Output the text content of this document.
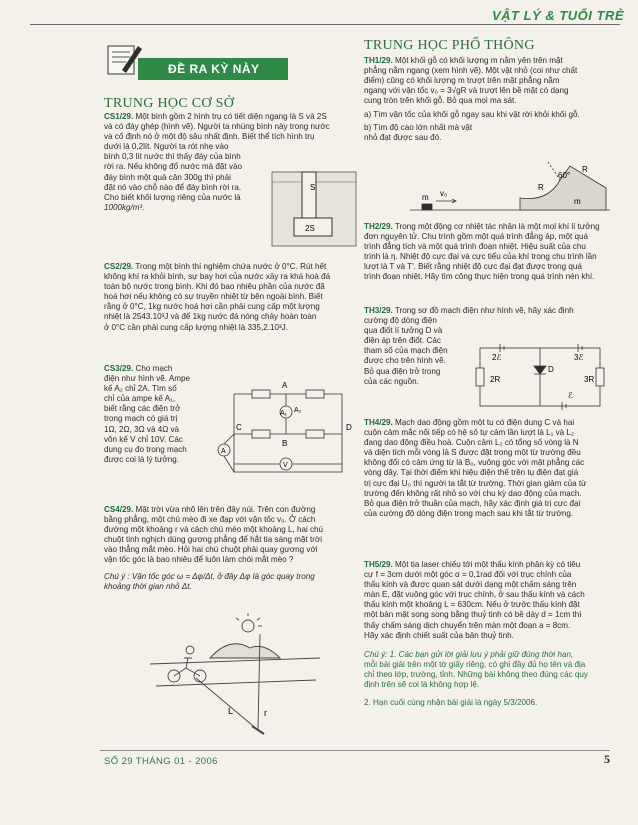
VẬT LÝ & TUỔI TRẺ
ĐỀ RA KỲ NÀY
TRUNG HỌC CƠ SỞ
CS1/29. Một bình gồm 2 hình trụ có tiết diện ngang là S và 2S
và có đáy ghép (hình vẽ). Người ta nhúng bình này trong nước
và cố định nó ở một độ sâu nhất định. Biết thể tích hình trụ
dưới là 0,2lít. Người ta rót nhẹ vào
bình 0,3 lít nước thì thấy đáy của bình
rời ra. Nếu không đổ nước mà đặt vào
đáy bình một quả cân 300g thì phải
đặt nó vào chỗ nào để đáy bình rời ra.
Cho biết khối lượng riêng của nước là
1000kg/m³.
S
2S
CS2/29. Trong một bình thí nghiệm chứa nước ở 0°C. Rút hết
không khí ra khỏi bình, sự bay hơi của nước xảy ra khá hoà đá
toàn bộ nước trong bình. Khi đó bao nhiêu phần của nước đã
hoá hơi nếu không có sự truyền nhiệt từ bên ngoài bình. Biết
rằng ở 0°C, 1kg nước hoá hơi cần phải cung cấp một lượng
nhiệt là 2543.10³J và để 1kg nước đá nóng chảy hoàn toàn
ở 0°C cần phải cung cấp lượng nhiệt là 335,2.10³J.
CS3/29. Cho mạch
điện như hình vẽ. Ampe
kế A₂ chỉ 2A. Tìm số
chỉ của ampe kế A₁,
biết rằng các điện trở
trong mạch có giá trị
1Ω, 2Ω, 3Ω và 4Ω và
vôn kế V chỉ 10V. Các
dụng cụ đo trong mạch
được coi là lý tưởng.
A
B
C	D
A₁ A₂
A
V
CS4/29. Mặt trời vừa nhô lên trên đây núi. Trên con đường
bằng phẳng, một chú mèo đi xe đạp với vận tốc v₀. Ở cách
đường một khoảng r và cách chú mèo một khoảng L, hai chú
chuột tinh nghịch dùng gương phẳng để hắt tia sáng mặt trời
vào thẳng mắt mèo. Hỏi hai chú chuột phải quay gương với
vận tốc góc là bao nhiêu để luôn làm chói mắt mèo ?
Chú ý : Vận tốc góc ω = Δφ/Δt, ở đây Δφ là góc quay trong
khoảng thời gian nhỏ Δt.
L	r
TRUNG HỌC PHỔ THÔNG
TH1/29. Một khối gỗ có khối lượng m nằm yên trên mặt
phẳng nằm ngang (xem hình vẽ). Một vật nhỏ (coi như chất
điểm) cũng có khối lượng m trượt trên mặt phẳng nằm
ngang với vận tốc v₀ = 3√gR và trượt lên bề mặt có dạng
cung tròn trên khối gỗ. Bỏ qua mọi ma sát.
a) Tìm vận tốc của khối gỗ ngay sau khi vật rời khỏi khối gỗ.
b) Tìm độ cao lớn nhất mà vật
nhỏ đạt được sau đó.
60°
R
R
m v₀
m
TH2/29. Trong một động cơ nhiệt tác nhân là một mol khí lí tưởng
đơn nguyên tử. Chu trình gồm một quá trình đẳng áp, một quá
trình đẳng tích và một quá trình đoạn nhiệt. Hiệu suất của chu
trình là η. Nhiệt độ cực đại và cực tiểu của khí trong chu trình lần
lượt là T và T'. Biết rằng nhiệt độ cực đại đạt được trong quá
trình đoạn nhiệt. Hãy tìm công thực hiện trong quá trình nén khí.
TH3/29. Trong sơ đồ mạch điện như hình vẽ, hãy xác định
cường độ dòng điện
qua điốt lí tưởng D và
điện áp trên điốt. Các
tham số của mạch điện
được cho trên hình vẽ.
Bỏ qua điện trở trong
của các nguồn.
2ℰ	3ℰ
2R	3R
D
ℰ
TH4/29. Mạch dao động gồm một tụ có điện dung C và hai
cuộn cảm mắc nối tiếp có hệ số tự cảm lần lượt là L₁ và L₂
đang dao động điều hoà. Cuộn cảm L₂ có tổng số vòng là N
và diện tích mỗi vòng là S được đặt trong một từ trường đều
không đổi có cảm ứng từ là B₀, vuông góc với mặt phẳng các
vòng dây. Tại thời điểm khi hiệu điện thế trên tụ điện đạt giá
trị cực đại U₀ thì người ta tắt từ trường. Thời gian giảm của từ
trường đến không rất nhỏ so với chu kỳ dao động của mạch.
Bỏ qua điện trở thuần của mạch, hãy xác định giá trị cực đại
của cường độ dòng điện trong mạch sau khi tắt từ trường.
TH5/29. Một tia laser chiếu tới một thấu kính phân kỳ có tiêu
cự f = 3cm dưới một góc α = 0,1rad đối với trục chính của
thấu kính và được quan sát dưới dạng một chấm sáng trên
màn E, đặt vuông góc với trục chính, ở sau thấu kính và cách
thấu kính một khoảng L = 630cm. Nếu ở trước thấu kính đặt
một bản mặt song song bằng thuỷ tinh có bề dày d = 1cm thì
thấy chấm sáng dịch chuyển trên màn một đoạn a = 8cm.
Hãy xác định chiết suất của bản thuỷ tinh.
Chú ý: 1. Các bạn gửi lời giải lưu ý phải giữ đúng thời hạn,
mỗi bài giải trên một tờ giấy riêng, có ghi đầy đủ họ tên và địa
chỉ theo lớp, trường, tỉnh. Những bài không theo đúng các quy
định trên sẽ coi là không hợp lệ.
2. Hạn cuối cùng nhận bài giải là ngày 5/3/2006.
SỐ 29 THÁNG 01 - 2006	5
